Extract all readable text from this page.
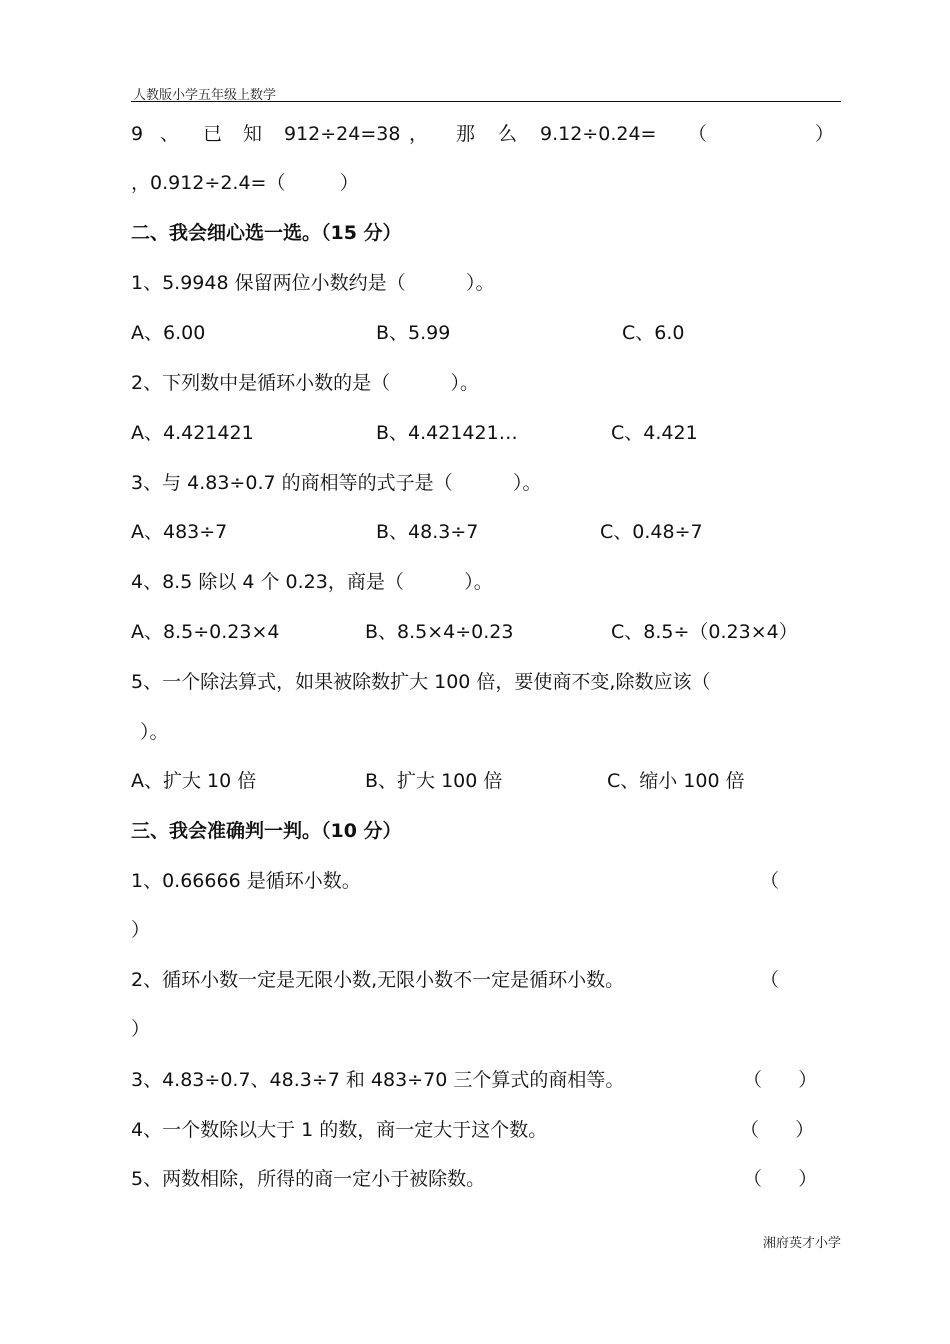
人教版小学五年级上数学
9 、 已 知 912÷24=38 ， 那 么 9.12÷0.24= （	）
，0.912÷2.4=（         ）
二、我会细心选一选。（15 分）
1、5.9948 保留两位小数约是（          ）。
A、6.00	B、5.99	C、6.0
2、下列数中是循环小数的是（          ）。
A、4.421421	B、4.421421…	C、4.421
3、与 4.83÷0.7 的商相等的式子是（          ）。
A、483÷7	B、48.3÷7	C、0.48÷7
4、8.5 除以 4 个 0.23，商是（          ）。
A、8.5÷0.23×4	B、8.5×4÷0.23	C、8.5÷（0.23×4）
5、一个除法算式，如果被除数扩大 100 倍，要使商不变,除数应该（
）。
A、扩大 10 倍	B、扩大 100 倍	C、缩小 100 倍
三、我会准确判一判。（10 分）
1、0.66666 是循环小数。	（
）
2、循环小数一定是无限小数,无限小数不一定是循环小数。	（
）
3、4.83÷0.7、48.3÷7 和 483÷70 三个算式的商相等。	（      ）
4、一个数除以大于 1 的数，商一定大于这个数。	（      ）
5、两数相除，所得的商一定小于被除数。	（      ）
湘府英才小学
